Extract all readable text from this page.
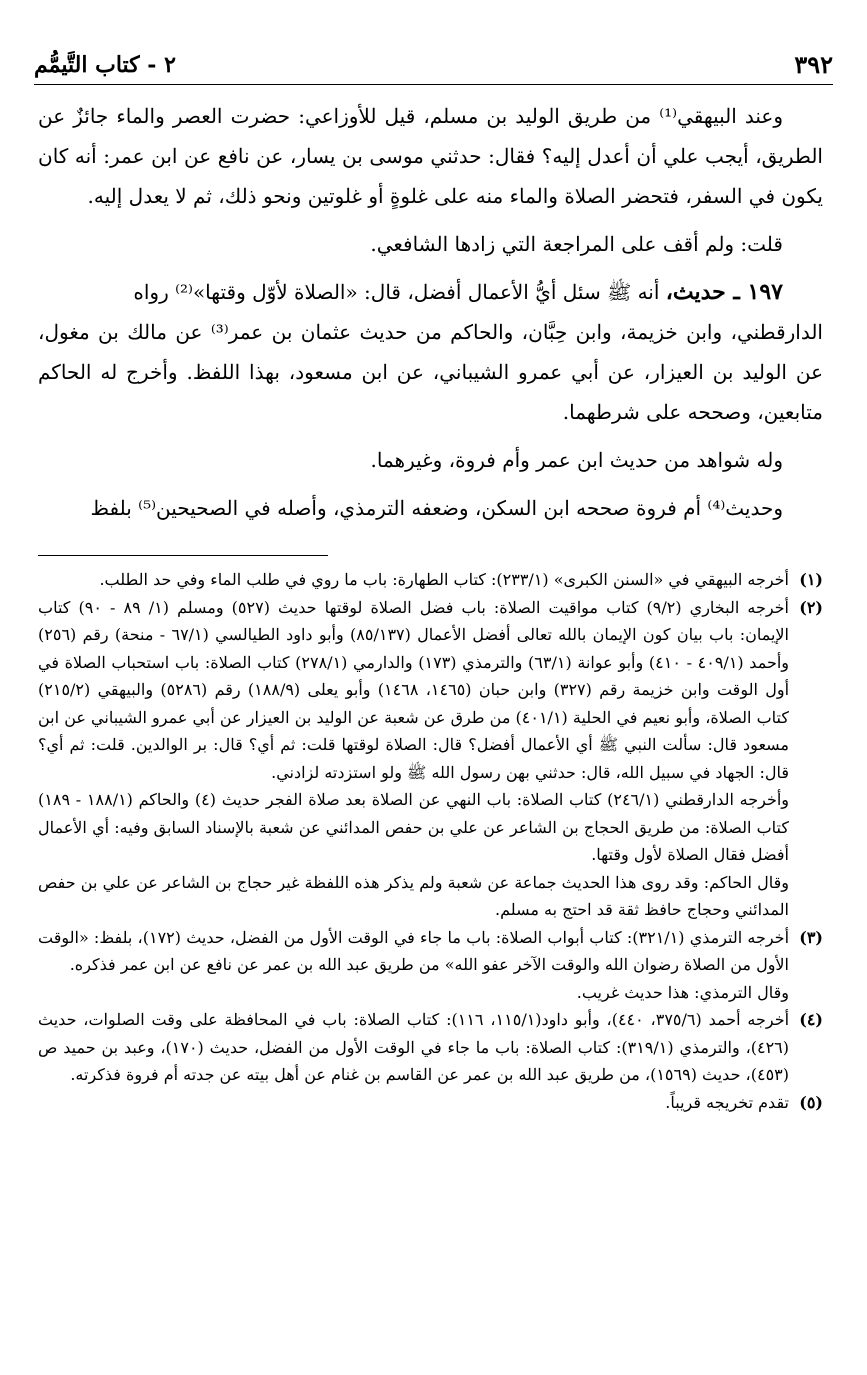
٣٩٢
٢ - كتاب التَّيمُّم

وعند البيهقي⁽¹⁾ من طريق الوليد بن مسلم، قيل للأوزاعي: حضرت العصر والماء جائزٌ عن الطريق، أيجب علي أن أعدل إليه؟ فقال: حدثني موسى بن يسار، عن نافع عن ابن عمر: أنه كان يكون في السفر، فتحضر الصلاة والماء منه على غلوةٍ أو غلوتين ونحو ذلك، ثم لا يعدل إليه.

قلت: ولم أقف على المراجعة التي زادها الشافعي.

١٩٧ ـ حديث، أنه ﷺ سئل أيُّ الأعمال أفضل، قال: «الصلاة لأوّل وقتها»⁽²⁾ رواه

الدارقطني، وابن خزيمة، وابن حِبَّان، والحاكم من حديث عثمان بن عمر⁽³⁾ عن مالك بن مغول، عن الوليد بن العيزار، عن أبي عمرو الشيباني، عن ابن مسعود، بهذا اللفظ. وأخرج له الحاكم متابعين، وصححه على شرطهما.

وله شواهد من حديث ابن عمر وأم فروة، وغيرهما.

وحديث⁽⁴⁾ أم فروة صححه ابن السكن، وضعفه الترمذي، وأصله في الصحيحين⁽⁵⁾ بلفظ

(١)

أخرجه البيهقي في «السنن الكبرى» (٢٣٣/١): كتاب الطهارة: باب ما روي في طلب الماء وفي حد الطلب.

(٢)

أخرجه البخاري (٩/٢) كتاب مواقيت الصلاة: باب فضل الصلاة لوقتها حديث (٥٢٧) ومسلم (١/ ٨٩ - ٩٠) كتاب الإيمان: باب بيان كون الإيمان بالله تعالى أفضل الأعمال (٨٥/١٣٧) وأبو داود الطيالسي (٦٧/١ - منحة) رقم (٢٥٦) وأحمد (٤٠٩/١ - ٤١٠) وأبو عوانة (٦٣/١) والترمذي (١٧٣) والدارمي (٢٧٨/١) كتاب الصلاة: باب استحباب الصلاة في أول الوقت وابن خزيمة رقم (٣٢٧) وابن حبان (١٤٦٥، ١٤٦٨) وأبو يعلى (١٨٨/٩) رقم (٥٢٨٦) والبيهقي (٢١٥/٢) كتاب الصلاة، وأبو نعيم في الحلية (٤٠١/١) من طرق عن شعبة عن الوليد بن العيزار عن أبي عمرو الشيباني عن ابن مسعود قال: سألت النبي ﷺ أي الأعمال أفضل؟ قال: الصلاة لوقتها قلت: ثم أي؟ قال: بر الوالدين. قلت: ثم أي؟ قال: الجهاد في سبيل الله، قال: حدثني بهن رسول الله ﷺ ولو استزدته لزادني.

وأخرجه الدارقطني (٢٤٦/١) كتاب الصلاة: باب النهي عن الصلاة بعد صلاة الفجر حديث (٤) والحاكم (١٨٨/١ - ١٨٩) كتاب الصلاة: من طريق الحجاج بن الشاعر عن علي بن حفص المدائني عن شعبة بالإسناد السابق وفيه: أي الأعمال أفضل فقال الصلاة لأول وقتها.

وقال الحاكم: وقد روى هذا الحديث جماعة عن شعبة ولم يذكر هذه اللفظة غير حجاج بن الشاعر عن علي بن حفص المدائني وحجاج حافظ ثقة قد احتج به مسلم.

(٣)

أخرجه الترمذي (٣٢١/١): كتاب أبواب الصلاة: باب ما جاء في الوقت الأول من الفضل، حديث (١٧٢)، بلفظ: «الوقت الأول من الصلاة رضوان الله والوقت الآخر عفو الله» من طريق عبد الله بن عمر عن نافع عن ابن عمر فذكره.

وقال الترمذي: هذا حديث غريب.

(٤)

أخرجه أحمد (٣٧٥/٦، ٤٤٠)، وأبو داود(١١٥/١، ١١٦): كتاب الصلاة: باب في المحافظة على وقت الصلوات، حديث (٤٢٦)، والترمذي (٣١٩/١): كتاب الصلاة: باب ما جاء في الوقت الأول من الفضل، حديث (١٧٠)، وعبد بن حميد ص (٤٥٣)، حديث (١٥٦٩)، من طريق عبد الله بن عمر عن القاسم بن غنام عن أهل بيته عن جدته أم فروة فذكرته.

(٥)

تقدم تخريجه قريباً.
